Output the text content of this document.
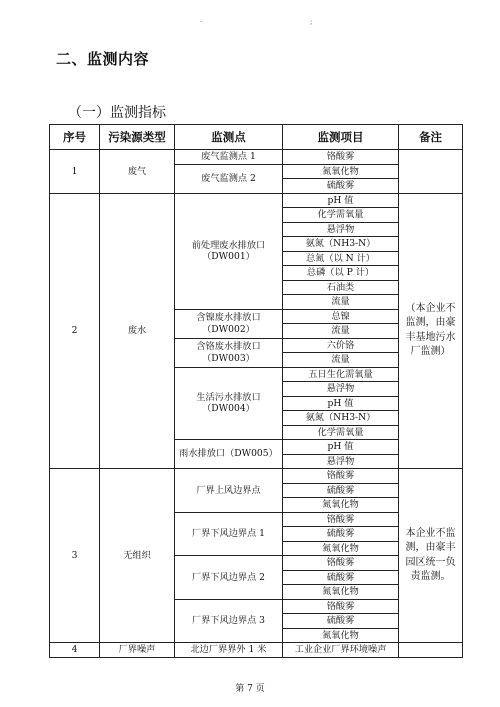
·	;
二、监测内容
（一）监测指标
序号	污染源类型	监测点	监测项目	备注
1	废气	废气监测点 1	铬酸雾	
		废气监测点 2	氮氧化物	
			硫酸雾	
2	废水	前处理废水排放口（DW001）	pH 值	（本企业不监测，由豪丰基地污水厂监测）
			化学需氧量	
			悬浮物	
			氨氮（NH3-N）	
			总氮（以 N 计）	
			总磷（以 P 计）	
			石油类	
			流量	
		含镍废水排放口（DW002）	总镍	
			流量	
		含铬废水排放口（DW003）	六价铬	
			流量	
		生活污水排放口（DW004）	五日生化需氧量	
			悬浮物	
			pH 值	
			氨氮（NH3-N）	
			化学需氧量	
		雨水排放口（DW005）	pH 值	
			悬浮物	
3	无组织	厂界上风边界点	铬酸雾	本企业不监测，由豪丰园区统一负责监测。
			硫酸雾	
			氮氧化物	
		厂界下风边界点 1	铬酸雾	
			硫酸雾	
			氮氧化物	
		厂界下风边界点 2	铬酸雾	
			硫酸雾	
			氮氧化物	
		厂界下风边界点 3	铬酸雾	
			硫酸雾	
			氮氧化物	
4	厂界噪声	北边厂界界外 1 米	工业企业厂界环境噪声	
第 7 页
